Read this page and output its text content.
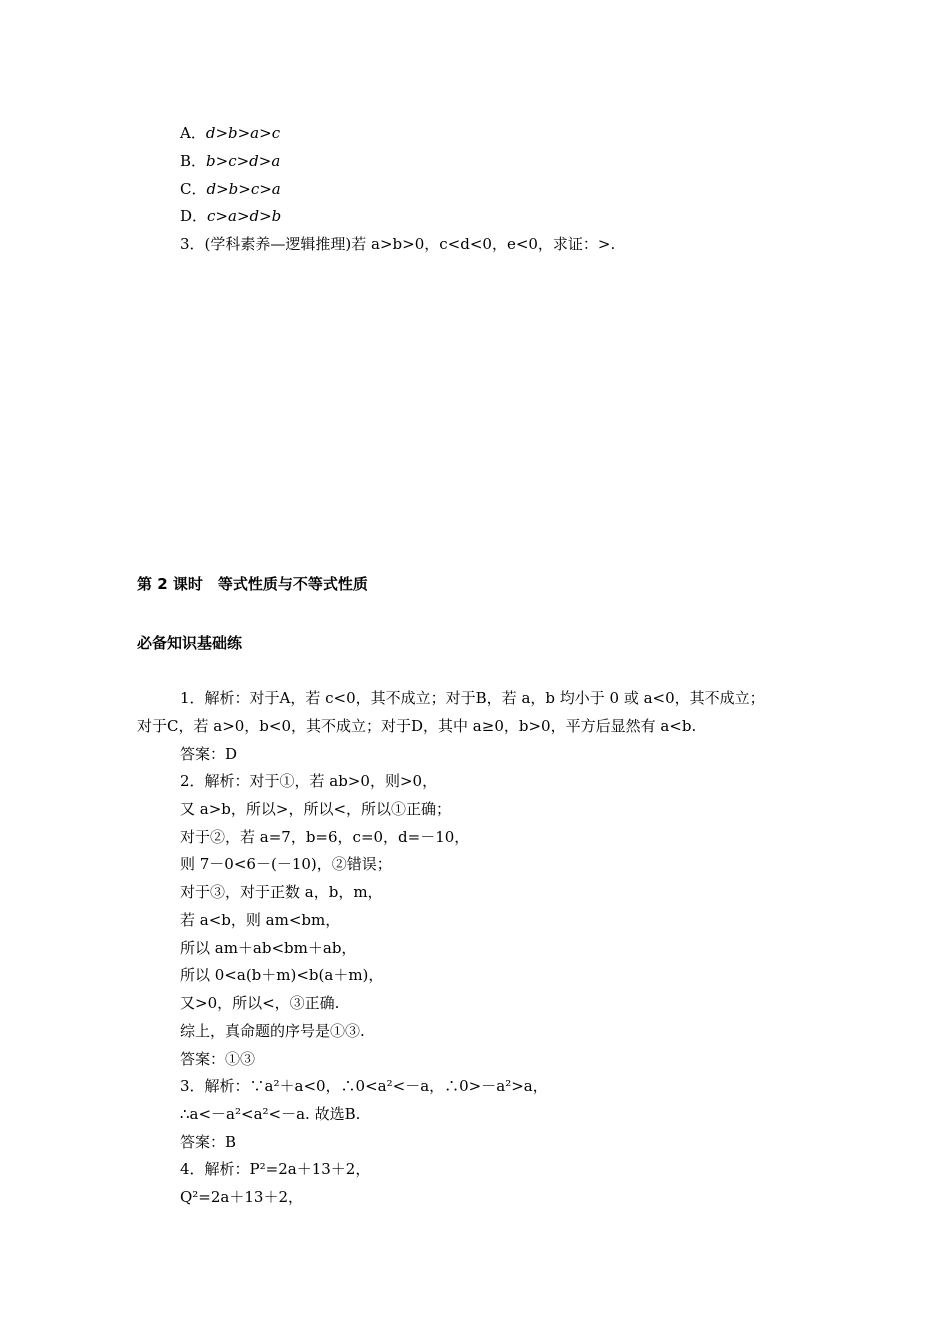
A．d>b>a>c
B．b>c>d>a
C．d>b>c>a
D．c>a>d>b
3．(学科素养—逻辑推理)若 a>b>0，c<d<0，e<0，求证：>.
第 2 课时　等式性质与不等式性质
必备知识基础练
1．解析：对于A，若 c<0，其不成立；对于B，若 a，b 均小于 0 或 a<0，其不成立；
对于C，若 a>0，b<0，其不成立；对于D，其中 a≥0，b>0，平方后显然有 a<b.
答案：D
2．解析：对于①，若 ab>0，则>0，
又 a>b，所以>，所以<，所以①正确；
对于②，若 a=7，b=6，c=0，d=－10，
则 7－0<6－(－10)，②错误；
对于③，对于正数 a，b，m，
若 a<b，则 am<bm，
所以 am＋ab<bm＋ab，
所以 0<a(b＋m)<b(a＋m)，
又>0，所以<，③正确.
综上，真命题的序号是①③.
答案：①③
3．解析：∵a²＋a<0，∴0<a²<－a，∴0>－a²>a，
∴a<－a²<a²<－a. 故选B.
答案：B
4．解析：P²=2a＋13＋2，
Q²=2a＋13＋2，
